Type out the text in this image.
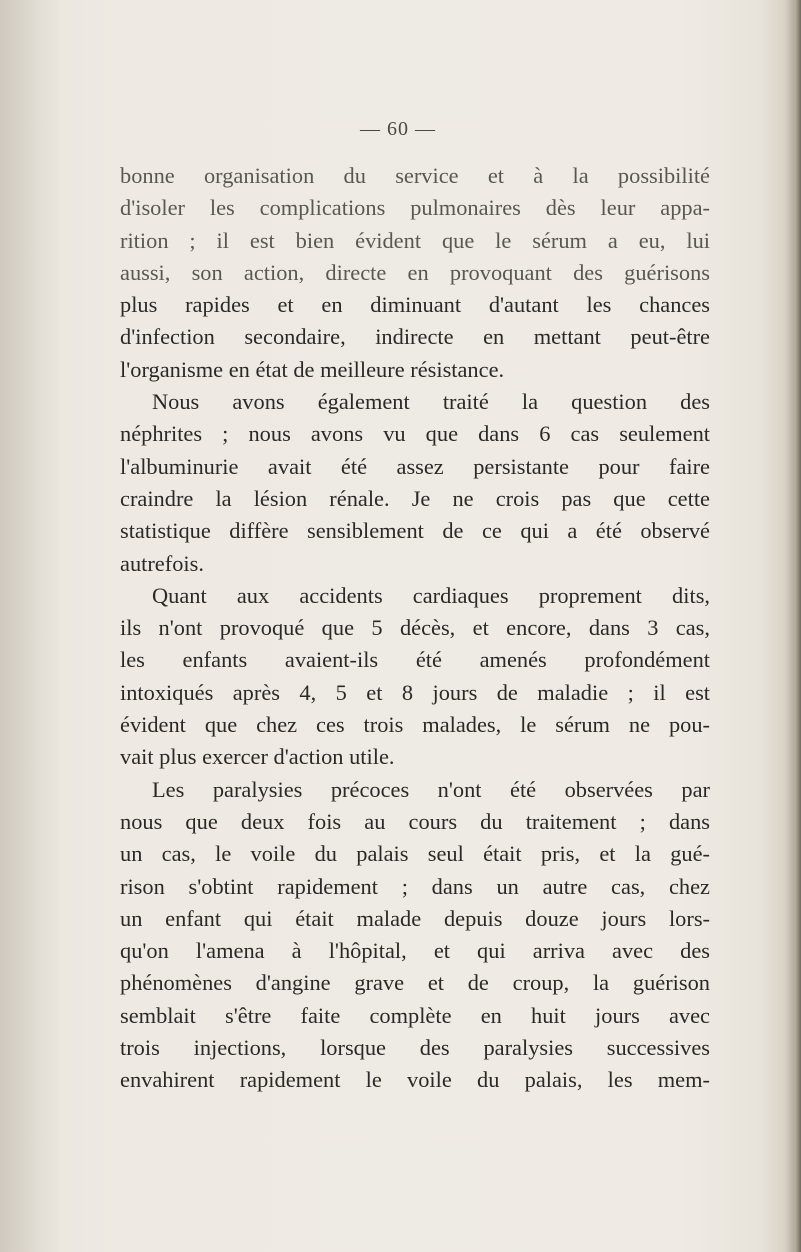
— 60 —
bonne organisation du service et à la possibilité
d'isoler les complications pulmonaires dès leur appa-
rition ; il est bien évident que le sérum a eu, lui
aussi, son action, directe en provoquant des guérisons
plus rapides et en diminuant d'autant les chances
d'infection secondaire, indirecte en mettant peut-être
l'organisme en état de meilleure résistance.
Nous avons également traité la question des
néphrites ; nous avons vu que dans 6 cas seulement
l'albuminurie avait été assez persistante pour faire
craindre la lésion rénale. Je ne crois pas que cette
statistique diffère sensiblement de ce qui a été observé
autrefois.
Quant aux accidents cardiaques proprement dits,
ils n'ont provoqué que 5 décès, et encore, dans 3 cas,
les enfants avaient-ils été amenés profondément
intoxiqués après 4, 5 et 8 jours de maladie ; il est
évident que chez ces trois malades, le sérum ne pou-
vait plus exercer d'action utile.
Les paralysies précoces n'ont été observées par
nous que deux fois au cours du traitement ; dans
un cas, le voile du palais seul était pris, et la gué-
rison s'obtint rapidement ; dans un autre cas, chez
un enfant qui était malade depuis douze jours lors-
qu'on l'amena à l'hôpital, et qui arriva avec des
phénomènes d'angine grave et de croup, la guérison
semblait s'être faite complète en huit jours avec
trois injections, lorsque des paralysies successives
envahirent rapidement le voile du palais, les mem-
